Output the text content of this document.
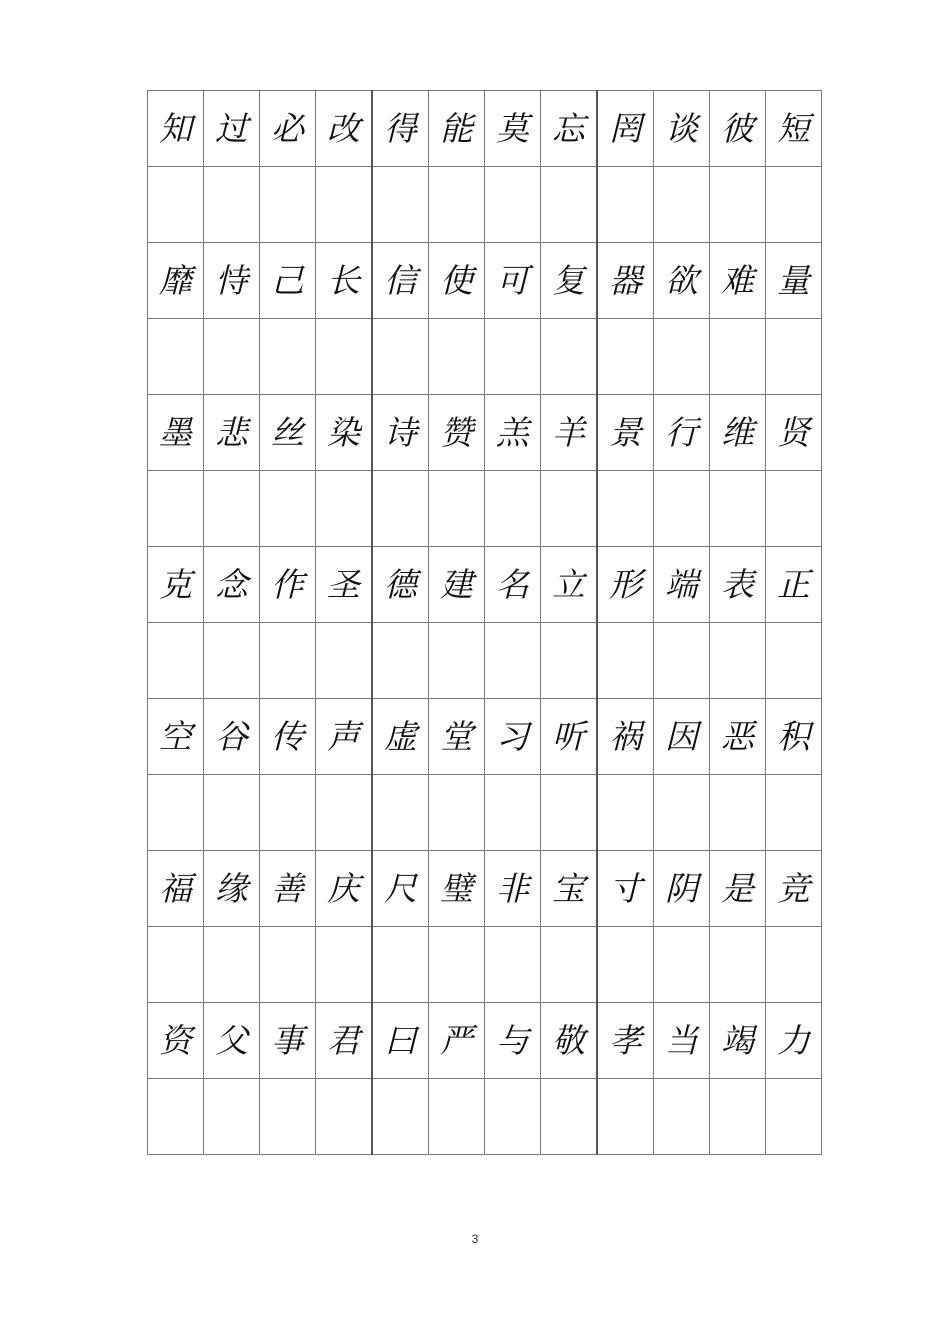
知	过	必	改	得	能	莫	忘	罔	谈	彼	短

靡	恃	己	长	信	使	可	复	器	欲	难	量

墨	悲	丝	染	诗	赞	羔	羊	景	行	维	贤

克	念	作	圣	德	建	名	立	形	端	表	正

空	谷	传	声	虚	堂	习	听	祸	因	恶	积

福	缘	善	庆	尺	璧	非	宝	寸	阴	是	竞

资	父	事	君	曰	严	与	敬	孝	当	竭	力

3
